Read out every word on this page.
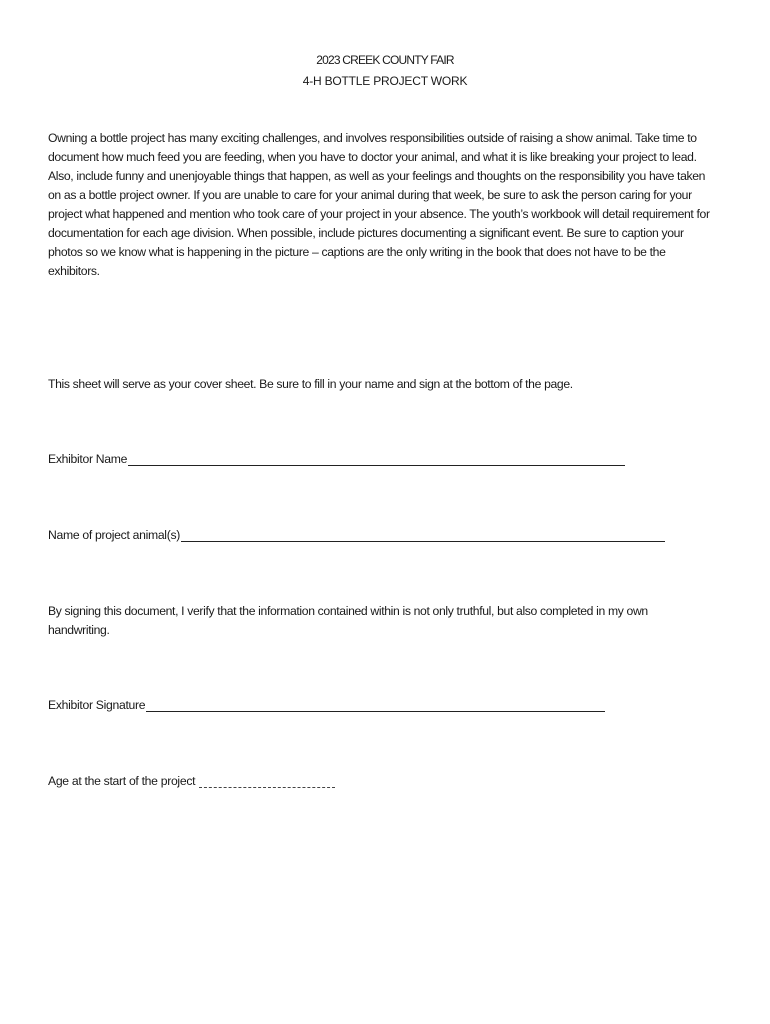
2023 CREEK COUNTY FAIR
4-H BOTTLE PROJECT WORK

Owning a bottle project has many exciting challenges, and involves responsibilities outside of raising a show animal. Take time to document how much feed you are feeding, when you have to doctor your animal, and what it is like breaking your project to lead. Also, include funny and unenjoyable things that happen, as well as your feelings and thoughts on the responsibility you have taken on as a bottle project owner. If you are unable to care for your animal during that week, be sure to ask the person caring for your project what happened and mention who took care of your project in your absence. The youth’s workbook will detail requirement for documentation for each age division. When possible, include pictures documenting a significant event. Be sure to caption your photos so we know what is happening in the picture – captions are the only writing in the book that does not have to be the exhibitors.

This sheet will serve as your cover sheet. Be sure to fill in your name and sign at the bottom of the page.

Exhibitor Name
Name of project animal(s)

By signing this document, I verify that the information contained within is not only truthful, but also completed in my own handwriting.

Exhibitor Signature
Age at the start of the project
